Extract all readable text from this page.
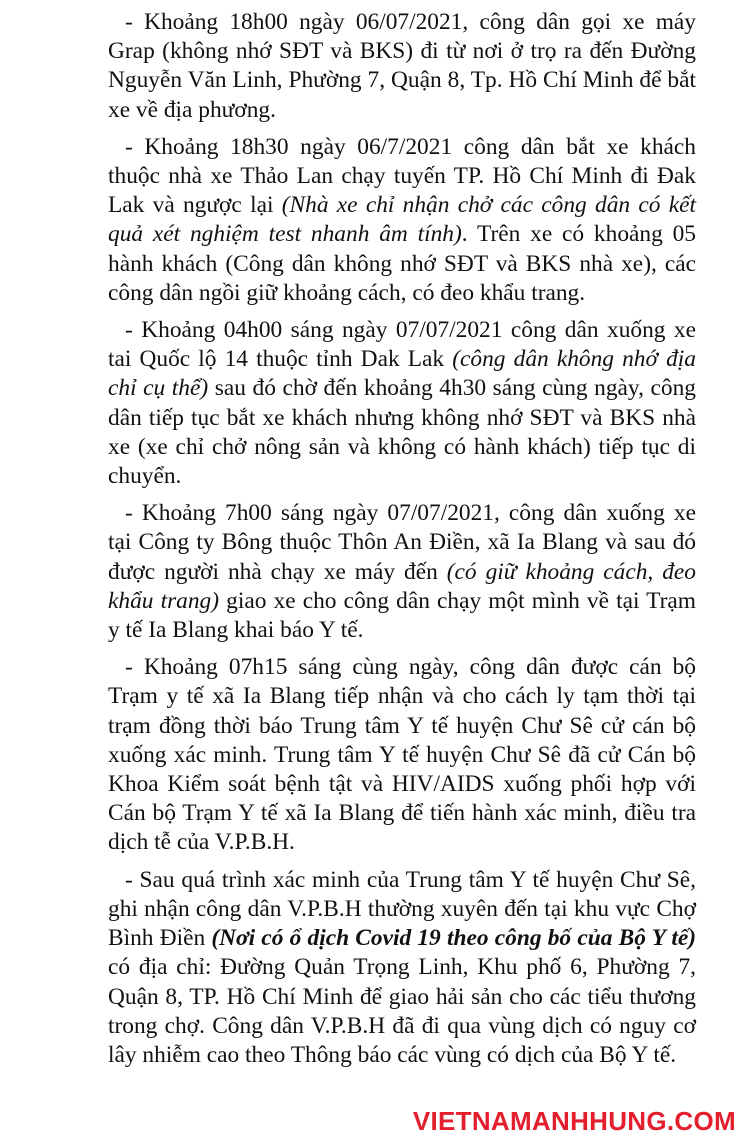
- Khoảng 18h00 ngày 06/07/2021, công dân gọi xe máy Grap (không nhớ SĐT và BKS) đi từ nơi ở trọ ra đến Đường Nguyễn Văn Linh, Phường 7, Quận 8, Tp. Hồ Chí Minh để bắt xe về địa phương.

- Khoảng 18h30 ngày 06/7/2021 công dân bắt xe khách thuộc nhà xe Thảo Lan chạy tuyến TP. Hồ Chí Minh đi Đak Lak và ngược lại (Nhà xe chỉ nhận chở các công dân có kết quả xét nghiệm test nhanh âm tính). Trên xe có khoảng 05 hành khách (Công dân không nhớ SĐT và BKS nhà xe), các công dân ngồi giữ khoảng cách, có đeo khẩu trang.

- Khoảng 04h00 sáng ngày 07/07/2021 công dân xuống xe tai Quốc lộ 14 thuộc tỉnh Dak Lak (công dân không nhớ địa chỉ cụ thể) sau đó chờ đến khoảng 4h30 sáng cùng ngày, công dân tiếp tục bắt xe khách nhưng không nhớ SĐT và BKS nhà xe (xe chỉ chở nông sản và không có hành khách) tiếp tục di chuyển.

- Khoảng 7h00 sáng ngày 07/07/2021, công dân xuống xe tại Công ty Bông thuộc Thôn An Điền, xã Ia Blang và sau đó được người nhà chạy xe máy đến (có giữ khoảng cách, đeo khẩu trang) giao xe cho công dân chạy một mình về tại Trạm y tế Ia Blang khai báo Y tế.

- Khoảng 07h15 sáng cùng ngày, công dân được cán bộ Trạm y tế xã Ia Blang tiếp nhận và cho cách ly tạm thời tại trạm đồng thời báo Trung tâm Y tế huyện Chư Sê cử cán bộ xuống xác minh. Trung tâm Y tế huyện Chư Sê đã cử Cán bộ Khoa Kiểm soát bệnh tật và HIV/AIDS xuống phối hợp với Cán bộ Trạm Y tế xã Ia Blang để tiến hành xác minh, điều tra dịch tễ của V.P.B.H.

- Sau quá trình xác minh của Trung tâm Y tế huyện Chư Sê, ghi nhận công dân V.P.B.H thường xuyên đến tại khu vực Chợ Bình Điền (Nơi có ổ dịch Covid 19 theo công bố của Bộ Y tế) có địa chỉ: Đường Quản Trọng Linh, Khu phố 6, Phường 7, Quận 8, TP. Hồ Chí Minh để giao hải sản cho các tiểu thương trong chợ. Công dân V.P.B.H đã đi qua vùng dịch có nguy cơ lây nhiễm cao theo Thông báo các vùng có dịch của Bộ Y tế.

VIETNAMANHHUNG.COM
